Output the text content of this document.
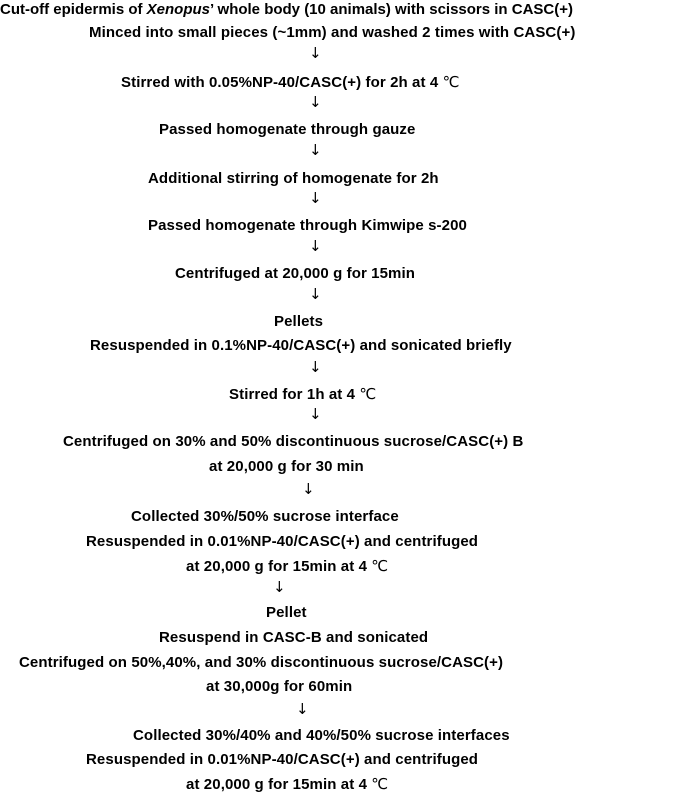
Cut-off epidermis of Xenopus’ whole body (10 animals) with scissors in CASC(+)
Minced into small pieces (~1mm) and washed 2 times with CASC(+)
↓
Stirred with 0.05%NP-40/CASC(+) for 2h at 4 ℃
↓
Passed homogenate through gauze
↓
Additional stirring of homogenate for 2h
↓
Passed homogenate through Kimwipe s-200
↓
Centrifuged at 20,000 g for 15min
↓
Pellets
Resuspended in 0.1%NP-40/CASC(+) and sonicated briefly
↓
Stirred for 1h at 4 ℃
↓
Centrifuged on 30% and 50% discontinuous sucrose/CASC(+) B
at 20,000 g for 30 min
↓
Collected 30%/50% sucrose interface
Resuspended in 0.01%NP-40/CASC(+) and centrifuged
at 20,000 g for 15min at 4 ℃
↓
Pellet
Resuspend in CASC-B and sonicated
Centrifuged on 50%,40%, and 30% discontinuous sucrose/CASC(+)
at 30,000g for 60min
↓
Collected 30%/40% and 40%/50% sucrose interfaces
Resuspended in 0.01%NP-40/CASC(+) and centrifuged
at 20,000 g for 15min at 4 ℃
